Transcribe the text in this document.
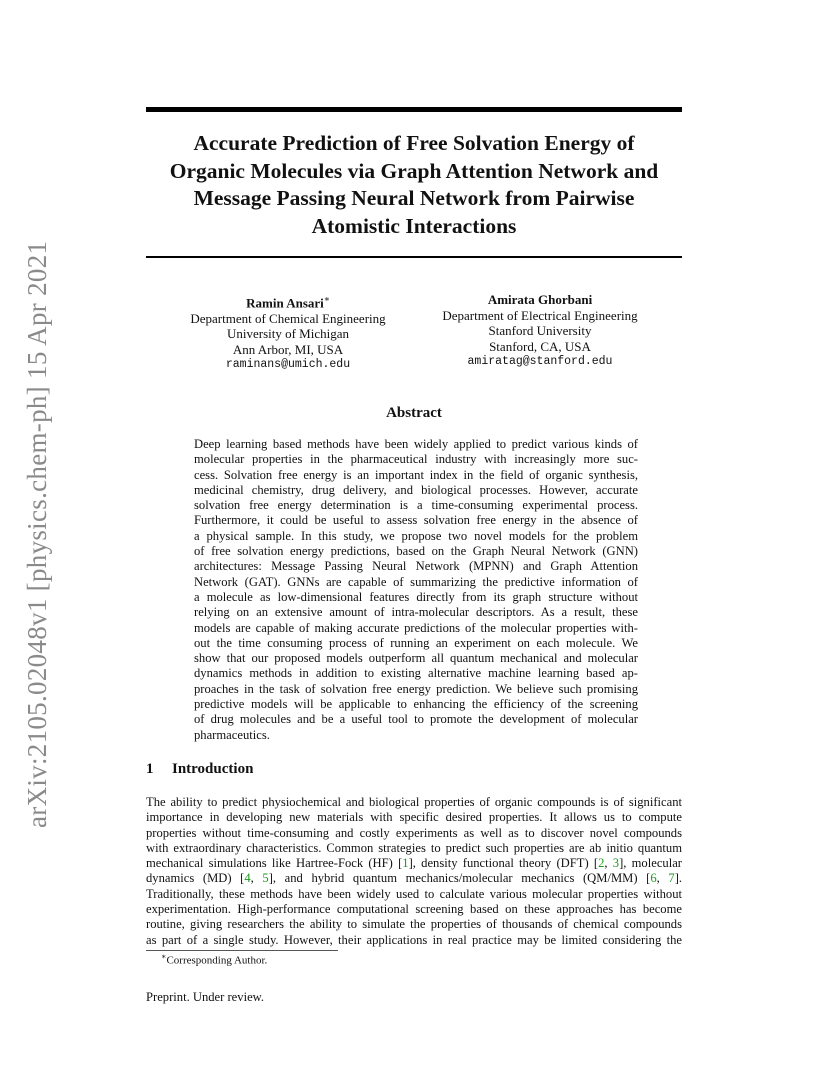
arXiv:2105.02048v1 [physics.chem-ph] 15 Apr 2021
Accurate Prediction of Free Solvation Energy of
Organic Molecules via Graph Attention Network and
Message Passing Neural Network from Pairwise
Atomistic Interactions
Ramin Ansari∗
Department of Chemical Engineering
University of Michigan
Ann Arbor, MI, USA
raminans@umich.edu
Amirata Ghorbani
Department of Electrical Engineering
Stanford University
Stanford, CA, USA
amiratag@stanford.edu
Abstract
Deep learning based methods have been widely applied to predict various kinds of
molecular properties in the pharmaceutical industry with increasingly more suc-
cess. Solvation free energy is an important index in the field of organic synthesis,
medicinal chemistry, drug delivery, and biological processes. However, accurate
solvation free energy determination is a time-consuming experimental process.
Furthermore, it could be useful to assess solvation free energy in the absence of
a physical sample. In this study, we propose two novel models for the problem
of free solvation energy predictions, based on the Graph Neural Network (GNN)
architectures: Message Passing Neural Network (MPNN) and Graph Attention
Network (GAT). GNNs are capable of summarizing the predictive information of
a molecule as low-dimensional features directly from its graph structure without
relying on an extensive amount of intra-molecular descriptors. As a result, these
models are capable of making accurate predictions of the molecular properties with-
out the time consuming process of running an experiment on each molecule. We
show that our proposed models outperform all quantum mechanical and molecular
dynamics methods in addition to existing alternative machine learning based ap-
proaches in the task of solvation free energy prediction. We believe such promising
predictive models will be applicable to enhancing the efficiency of the screening
of drug molecules and be a useful tool to promote the development of molecular
pharmaceutics.
1 Introduction
The ability to predict physiochemical and biological properties of organic compounds is of significant
importance in developing new materials with specific desired properties. It allows us to compute
properties without time-consuming and costly experiments as well as to discover novel compounds
with extraordinary characteristics. Common strategies to predict such properties are ab initio quantum
mechanical simulations like Hartree-Fock (HF) [1], density functional theory (DFT) [2, 3], molecular
dynamics (MD) [4, 5], and hybrid quantum mechanics/molecular mechanics (QM/MM) [6, 7].
Traditionally, these methods have been widely used to calculate various molecular properties without
experimentation. High-performance computational screening based on these approaches has become
routine, giving researchers the ability to simulate the properties of thousands of chemical compounds
as part of a single study. However, their applications in real practice may be limited considering the
∗Corresponding Author.
Preprint. Under review.
